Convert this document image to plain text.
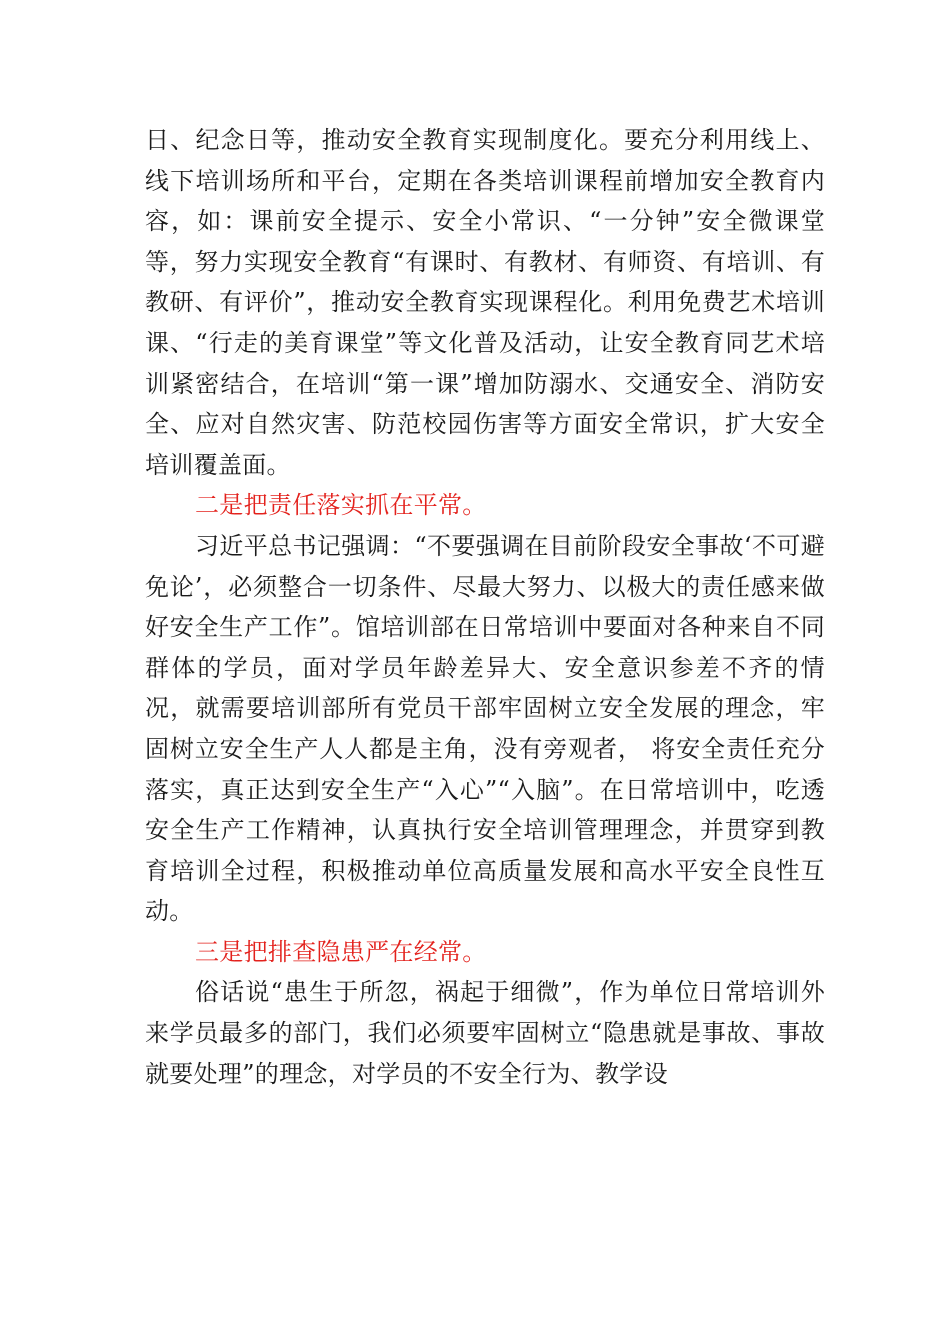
日、纪念日等，推动安全教育实现制度化。要充分利用线上、线下培训场所和平台，定期在各类培训课程前增加安全教育内容，如：课前安全提示、安全小常识、“一分钟”安全微课堂等，努力实现安全教育“有课时、有教材、有师资、有培训、有教研、有评价”，推动安全教育实现课程化。利用免费艺术培训课、“行走的美育课堂”等文化普及活动，让安全教育同艺术培训紧密结合，在培训“第一课”增加防溺水、交通安全、消防安全、应对自然灾害、防范校园伤害等方面安全常识，扩大安全培训覆盖面。

二是把责任落实抓在平常。

习近平总书记强调：“不要强调在目前阶段安全事故‘不可避免论’，必须整合一切条件、尽最大努力、以极大的责任感来做好安全生产工作”。馆培训部在日常培训中要面对各种来自不同群体的学员，面对学员年龄差异大、安全意识参差不齐的情况，就需要培训部所有党员干部牢固树立安全发展的理念，牢固树立安全生产人人都是主角，没有旁观者， 将安全责任充分落实，真正达到安全生产“入心”“入脑”。在日常培训中，吃透安全生产工作精神，认真执行安全培训管理理念，并贯穿到教育培训全过程，积极推动单位高质量发展和高水平安全良性互动。

三是把排查隐患严在经常。

俗话说“患生于所忽，祸起于细微”，作为单位日常培训外来学员最多的部门，我们必须要牢固树立“隐患就是事故、事故就要处理”的理念，对学员的不安全行为、教学设
